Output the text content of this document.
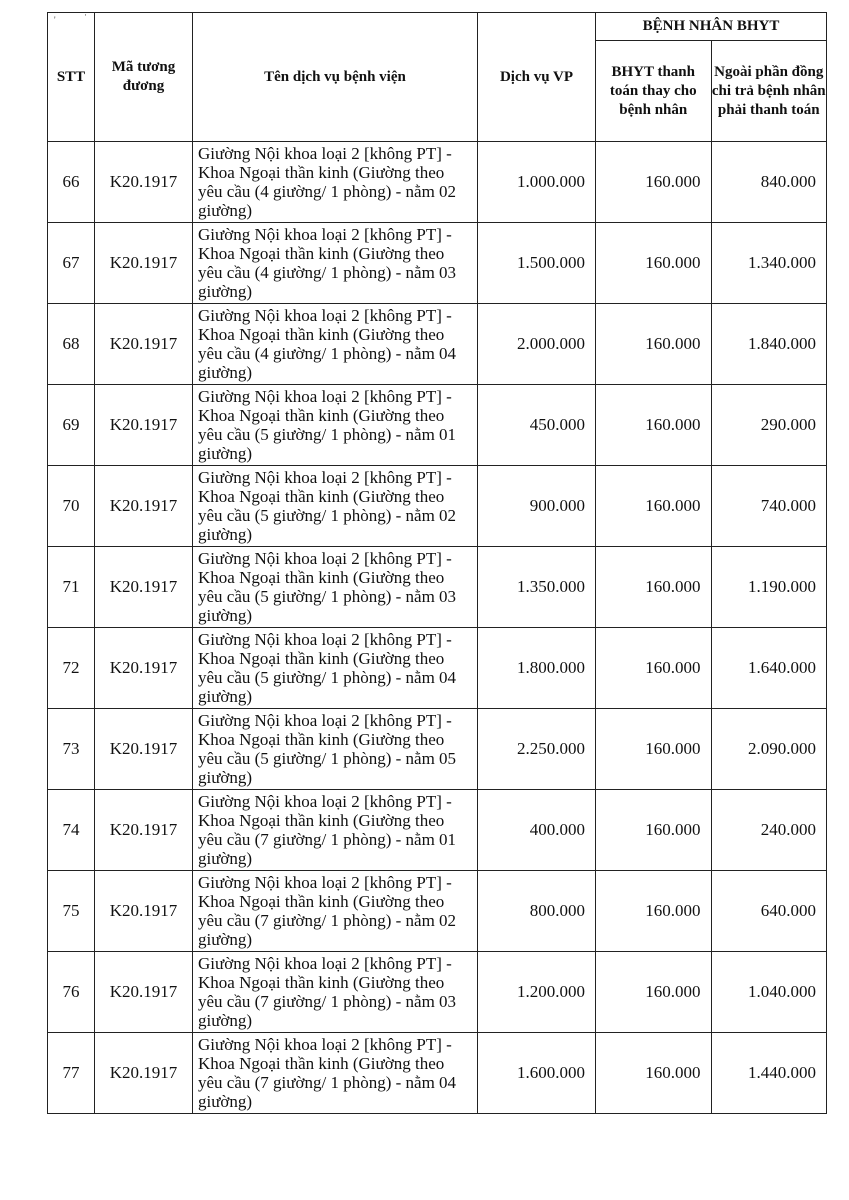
'	·
STT	Mã tương đương	Tên dịch vụ bệnh viện	Dịch vụ VP	BỆNH NHÂN BHYT	
				BHYT thanh toán thay cho bệnh nhân	Ngoài phần đồng chi trả bệnh nhân phải thanh toán
66	K20.1917	Giường Nội khoa loại 2 [không PT] - Khoa Ngoại thần kinh (Giường theo yêu cầu (4 giường/ 1 phòng) - nằm 02 giường)	1.000.000	160.000	840.000
67	K20.1917	Giường Nội khoa loại 2 [không PT] - Khoa Ngoại thần kinh (Giường theo yêu cầu (4 giường/ 1 phòng) - nằm 03 giường)	1.500.000	160.000	1.340.000
68	K20.1917	Giường Nội khoa loại 2 [không PT] - Khoa Ngoại thần kinh (Giường theo yêu cầu (4 giường/ 1 phòng) - nằm 04 giường)	2.000.000	160.000	1.840.000
69	K20.1917	Giường Nội khoa loại 2 [không PT] - Khoa Ngoại thần kinh (Giường theo yêu cầu (5 giường/ 1 phòng) - nằm 01 giường)	450.000	160.000	290.000
70	K20.1917	Giường Nội khoa loại 2 [không PT] - Khoa Ngoại thần kinh (Giường theo yêu cầu (5 giường/ 1 phòng) - nằm 02 giường)	900.000	160.000	740.000
71	K20.1917	Giường Nội khoa loại 2 [không PT] - Khoa Ngoại thần kinh (Giường theo yêu cầu (5 giường/ 1 phòng) - nằm 03 giường)	1.350.000	160.000	1.190.000
72	K20.1917	Giường Nội khoa loại 2 [không PT] - Khoa Ngoại thần kinh (Giường theo yêu cầu (5 giường/ 1 phòng) - nằm 04 giường)	1.800.000	160.000	1.640.000
73	K20.1917	Giường Nội khoa loại 2 [không PT] - Khoa Ngoại thần kinh (Giường theo yêu cầu (5 giường/ 1 phòng) - nằm 05 giường)	2.250.000	160.000	2.090.000
74	K20.1917	Giường Nội khoa loại 2 [không PT] - Khoa Ngoại thần kinh (Giường theo yêu cầu (7 giường/ 1 phòng) - nằm 01 giường)	400.000	160.000	240.000
75	K20.1917	Giường Nội khoa loại 2 [không PT] - Khoa Ngoại thần kinh (Giường theo yêu cầu (7 giường/ 1 phòng) - nằm 02 giường)	800.000	160.000	640.000
76	K20.1917	Giường Nội khoa loại 2 [không PT] - Khoa Ngoại thần kinh (Giường theo yêu cầu (7 giường/ 1 phòng) - nằm 03 giường)	1.200.000	160.000	1.040.000
77	K20.1917	Giường Nội khoa loại 2 [không PT] - Khoa Ngoại thần kinh (Giường theo yêu cầu (7 giường/ 1 phòng) - nằm 04 giường)	1.600.000	160.000	1.440.000
